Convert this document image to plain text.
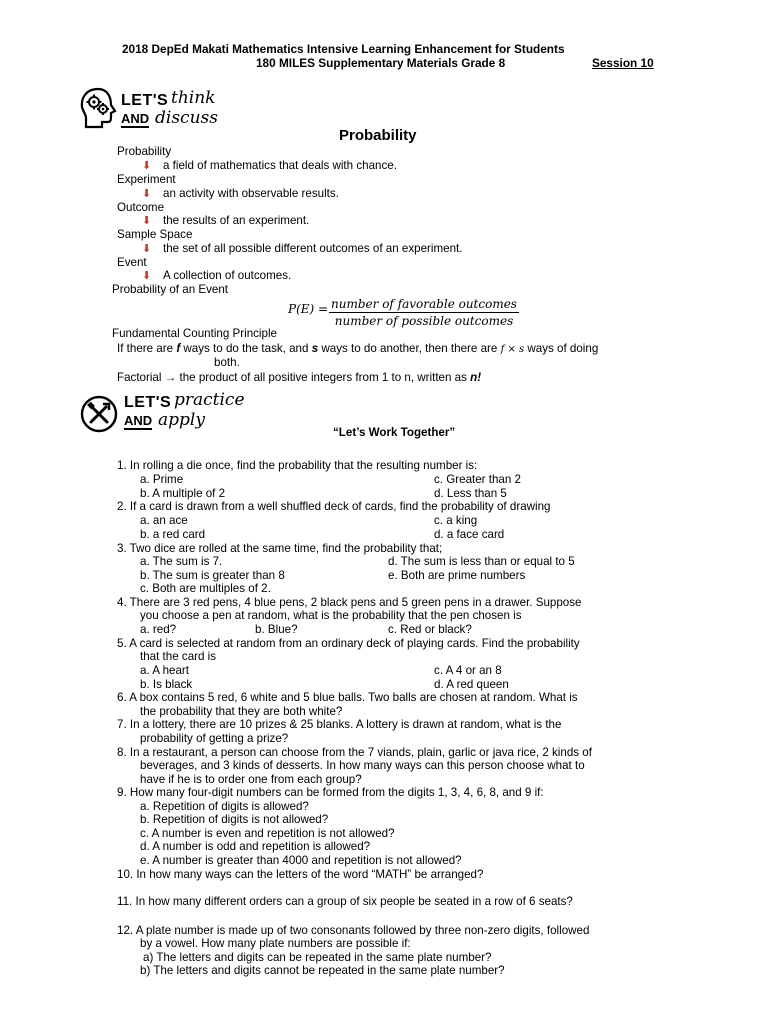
2018 DepEd Makati Mathematics Intensive Learning Enhancement for Students
180 MILES Supplementary Materials Grade 8	Session 10
LET'S think
AND discuss
Probability
Probability
⬇ a field of mathematics that deals with chance.
Experiment
⬇ an activity with observable results.
Outcome
⬇ the results of an experiment.
Sample Space
⬇ the set of all possible different outcomes of an experiment.
Event
⬇ A collection of outcomes.
Probability of an Event
P(E) = number of favorable outcomes
number of possible outcomes
Fundamental Counting Principle
If there are f ways to do the task, and s ways to do another, then there are f × s ways of doing
both.
Factorial → the product of all positive integers from 1 to n, written as n!
LET'S practice
AND apply
“Let’s Work Together”
1. In rolling a die once, find the probability that the resulting number is:
a. Prime	c. Greater than 2
b. A multiple of 2	d. Less than 5
2. If a card is drawn from a well shuffled deck of cards, find the probability of drawing
a. an ace	c. a king
b. a red card	d. a face card
3. Two dice are rolled at the same time, find the probability that;
a. The sum is 7.	d. The sum is less than or equal to 5
b. The sum is greater than 8	e. Both are prime numbers
c. Both are multiples of 2.
4. There are 3 red pens, 4 blue pens, 2 black pens and 5 green pens in a drawer. Suppose
you choose a pen at random, what is the probability that the pen chosen is
a. red?	b. Blue?	c. Red or black?
5. A card is selected at random from an ordinary deck of playing cards. Find the probability
that the card is
a. A heart	c. A 4 or an 8
b. Is black	d. A red queen
6. A box contains 5 red, 6 white and 5 blue balls. Two balls are chosen at random. What is
the probability that they are both white?
7. In a lottery, there are 10 prizes & 25 blanks. A lottery is drawn at random, what is the
probability of getting a prize?
8. In a restaurant, a person can choose from the 7 viands, plain, garlic or java rice, 2 kinds of
beverages, and 3 kinds of desserts. In how many ways can this person choose what to
have if he is to order one from each group?
9. How many four-digit numbers can be formed from the digits 1, 3, 4, 6, 8, and 9 if:
a. Repetition of digits is allowed?
b. Repetition of digits is not allowed?
c. A number is even and repetition is not allowed?
d. A number is odd and repetition is allowed?
e. A number is greater than 4000 and repetition is not allowed?
10. In how many ways can the letters of the word “MATH” be arranged?
11. In how many different orders can a group of six people be seated in a row of 6 seats?
12. A plate number is made up of two consonants followed by three non-zero digits, followed
by a vowel. How many plate numbers are possible if:
a) The letters and digits can be repeated in the same plate number?
b) The letters and digits cannot be repeated in the same plate number?
